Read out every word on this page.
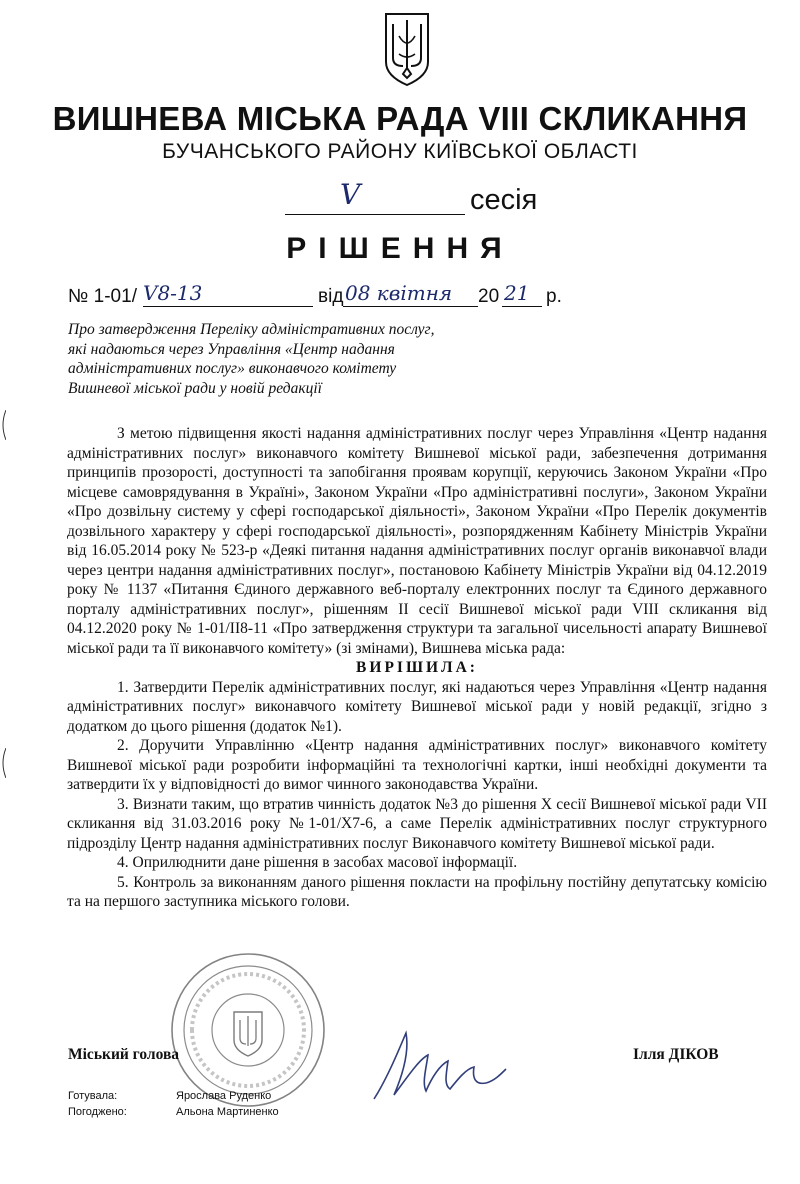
ВИШНЕВА МІСЬКА РАДА VIII СКЛИКАННЯ
БУЧАНСЬКОГО РАЙОНУ КИЇВСЬКОЇ ОБЛАСТІ
V	сесія
РІШЕННЯ
№ 1-01/ V8-13	від 08 квітня 20 21 р.
Про затвердження Переліку адміністративних послуг, які надаються через Управління «Центр надання адміністративних послуг» виконавчого комітету Вишневої міської ради у новій редакції

З метою підвищення якості надання адміністративних послуг через Управління «Центр надання адміністративних послуг» виконавчого комітету Вишневої міської ради, забезпечення дотримання принципів прозорості, доступності та запобігання проявам корупції, керуючись Законом України «Про місцеве самоврядування в Україні», Законом України «Про адміністративні послуги», Законом України «Про дозвільну систему у сфері господарської діяльності», Законом України «Про Перелік документів дозвільного характеру у сфері господарської діяльності», розпорядженням Кабінету Міністрів України від 16.05.2014 року № 523-р «Деякі питання надання адміністративних послуг органів виконавчої влади через центри надання адміністративних послуг», постановою Кабінету Міністрів України від 04.12.2019 року № 1137 «Питання Єдиного державного веб-порталу електронних послуг та Єдиного державного порталу адміністративних послуг», рішенням ІІ сесії Вишневої міської ради VIII скликання від 04.12.2020 року № 1-01/ІІ8-11 «Про затвердження структури та загальної чисельності апарату Вишневої міської ради та її виконавчого комітету» (зі змінами), Вишнева міська рада:

ВИРІШИЛА:

1. Затвердити Перелік адміністративних послуг, які надаються через Управління «Центр надання адміністративних послуг» виконавчого комітету Вишневої міської ради у новій редакції, згідно з додатком до цього рішення (додаток №1).

2. Доручити Управлінню «Центр надання адміністративних послуг» виконавчого комітету Вишневої міської ради розробити інформаційні та технологічні картки, інші необхідні документи та затвердити їх у відповідності до вимог чинного законодавства України.

3. Визнати таким, що втратив чинність додаток №3 до рішення Х сесії Вишневої міської ради VII скликання від 31.03.2016 року №1-01/Х7-6, а саме Перелік адміністративних послуг структурного підрозділу Центр надання адміністративних послуг Виконавчого комітету Вишневої міської ради.

4. Оприлюднити дане рішення в засобах масової інформації.

5. Контроль за виконанням даного рішення покласти на профільну постійну депутатську комісію та на першого заступника міського голови.

Міський голова	Ілля ДІКОВ
Готувала:	Ярослава Руденко
Погоджено:	Альона Мартиненко
